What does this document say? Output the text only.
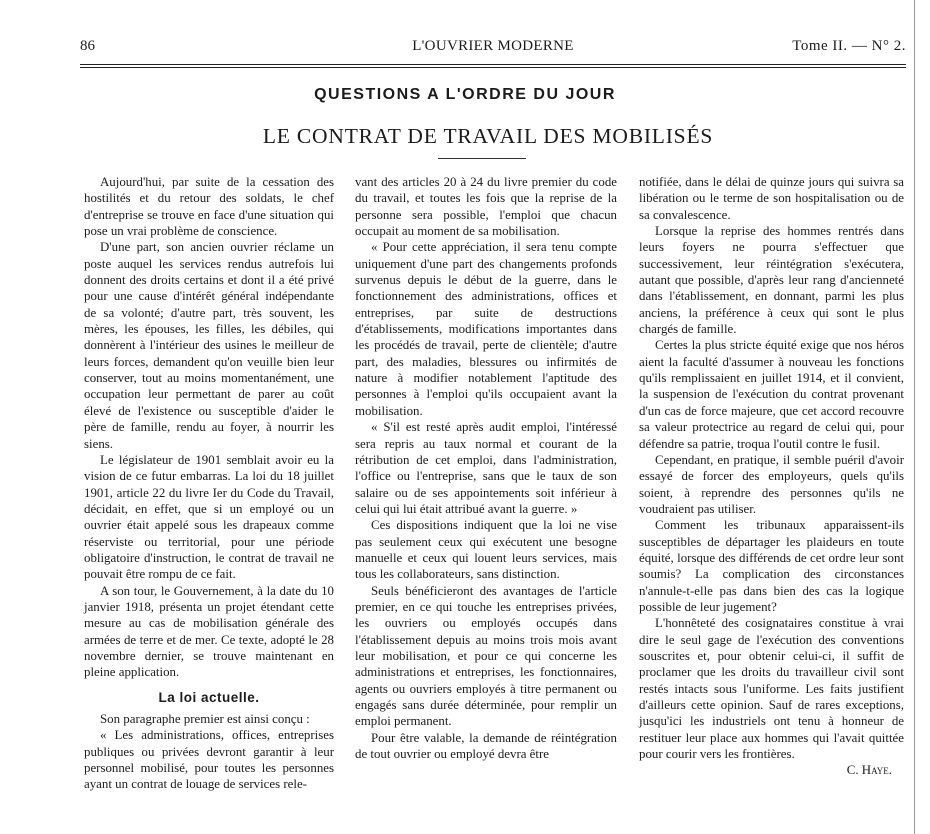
86	L'OUVRIER MODERNE	Tome II. — N° 2.
QUESTIONS A L'ORDRE DU JOUR
LE CONTRAT DE TRAVAIL DES MOBILISÉS

Aujourd'hui, par suite de la cessation des hostilités et du retour des soldats, le chef d'entreprise se trouve en face d'une situation qui pose un vrai problème de conscience.

D'une part, son ancien ouvrier réclame un poste auquel les services rendus autrefois lui donnent des droits certains et dont il a été privé pour une cause d'intérêt général indépendante de sa volonté; d'autre part, très souvent, les mères, les épouses, les filles, les débiles, qui donnèrent à l'intérieur des usines le meilleur de leurs forces, demandent qu'on veuille bien leur conserver, tout au moins momentanément, une occupation leur permettant de parer au coût élevé de l'existence ou susceptible d'aider le père de famille, rendu au foyer, à nourrir les siens.

Le législateur de 1901 semblait avoir eu la vision de ce futur embarras. La loi du 18 juillet 1901, article 22 du livre Ier du Code du Travail, décidait, en effet, que si un employé ou un ouvrier était appelé sous les drapeaux comme réserviste ou territorial, pour une période obligatoire d'instruction, le contrat de travail ne pouvait être rompu de ce fait.

A son tour, le Gouvernement, à la date du 10 janvier 1918, présenta un projet étendant cette mesure au cas de mobilisation générale des armées de terre et de mer. Ce texte, adopté le 28 novembre dernier, se trouve maintenant en pleine application.

La loi actuelle.

Son paragraphe premier est ainsi conçu :

« Les administrations, offices, entreprises publiques ou privées devront garantir à leur personnel mobilisé, pour toutes les personnes ayant un contrat de louage de services rele-

vant des articles 20 à 24 du livre premier du code du travail, et toutes les fois que la reprise de la personne sera possible, l'emploi que chacun occupait au moment de sa mobilisation.

« Pour cette appréciation, il sera tenu compte uniquement d'une part des changements profonds survenus depuis le début de la guerre, dans le fonctionnement des administrations, offices et entreprises, par suite de destructions d'établissements, modifications importantes dans les procédés de travail, perte de clientèle; d'autre part, des maladies, blessures ou infirmités de nature à modifier notablement l'aptitude des personnes à l'emploi qu'ils occupaient avant la mobilisation.

« S'il est resté après audit emploi, l'intéressé sera repris au taux normal et courant de la rétribution de cet emploi, dans l'administration, l'office ou l'entreprise, sans que le taux de son salaire ou de ses appointements soit inférieur à celui qui lui était attribué avant la guerre. »

Ces dispositions indiquent que la loi ne vise pas seulement ceux qui exécutent une besogne manuelle et ceux qui louent leurs services, mais tous les collaborateurs, sans distinction.

Seuls bénéficieront des avantages de l'article premier, en ce qui touche les entreprises privées, les ouvriers ou employés occupés dans l'établissement depuis au moins trois mois avant leur mobilisation, et pour ce qui concerne les administrations et entreprises, les fonctionnaires, agents ou ouvriers employés à titre permanent ou engagés sans durée déterminée, pour remplir un emploi permanent.

Pour être valable, la demande de réintégration de tout ouvrier ou employé devra être

notifiée, dans le délai de quinze jours qui suivra sa libération ou le terme de son hospitalisation ou de sa convalescence.

Lorsque la reprise des hommes rentrés dans leurs foyers ne pourra s'effectuer que successivement, leur réintégration s'exécutera, autant que possible, d'après leur rang d'ancienneté dans l'établissement, en donnant, parmi les plus anciens, la préférence à ceux qui sont le plus chargés de famille.

Certes la plus stricte équité exige que nos héros aient la faculté d'assumer à nouveau les fonctions qu'ils remplissaient en juillet 1914, et il convient, la suspension de l'exécution du contrat provenant d'un cas de force majeure, que cet accord recouvre sa valeur protectrice au regard de celui qui, pour défendre sa patrie, troqua l'outil contre le fusil.

Cependant, en pratique, il semble puéril d'avoir essayé de forcer des employeurs, quels qu'ils soient, à reprendre des personnes qu'ils ne voudraient pas utiliser.

Comment les tribunaux apparaissent-ils susceptibles de départager les plaideurs en toute équité, lorsque des différends de cet ordre leur sont soumis? La complication des circonstances n'annule-t-elle pas dans bien des cas la logique possible de leur jugement?

L'honnêteté des cosignataires constitue à vrai dire le seul gage de l'exécution des conventions souscrites et, pour obtenir celui-ci, il suffit de proclamer que les droits du travailleur civil sont restés intacts sous l'uniforme. Les faits justifient d'ailleurs cette opinion. Sauf de rares exceptions, jusqu'ici les industriels ont tenu à honneur de restituer leur place aux hommes qui l'avait quittée pour courir vers les frontières.

C. Haye.
